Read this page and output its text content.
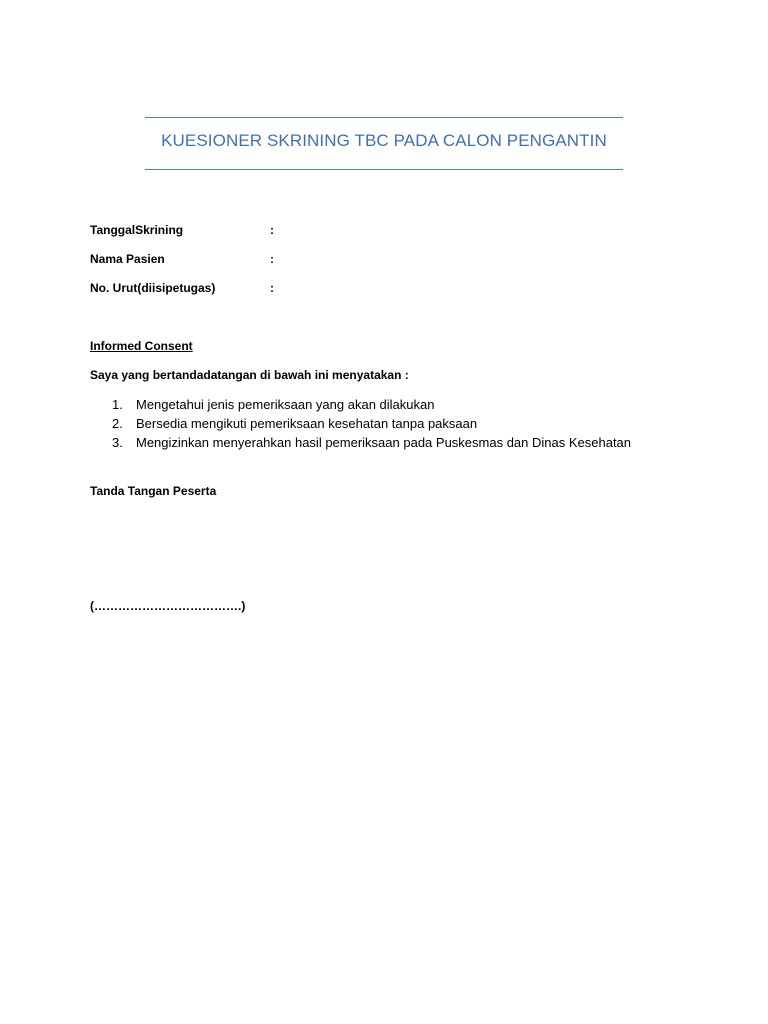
KUESIONER SKRINING TBC PADA CALON PENGANTIN
TanggalSkrining	:
Nama Pasien	:
No. Urut(diisipetugas)	:
Informed Consent
Saya yang bertandadatangan di bawah ini menyatakan :
1. Mengetahui jenis pemeriksaan yang akan dilakukan
2. Bersedia mengikuti pemeriksaan kesehatan tanpa paksaan
3. Mengizinkan menyerahkan hasil pemeriksaan pada Puskesmas dan Dinas Kesehatan
Tanda Tangan Peserta
(……………………………….)
